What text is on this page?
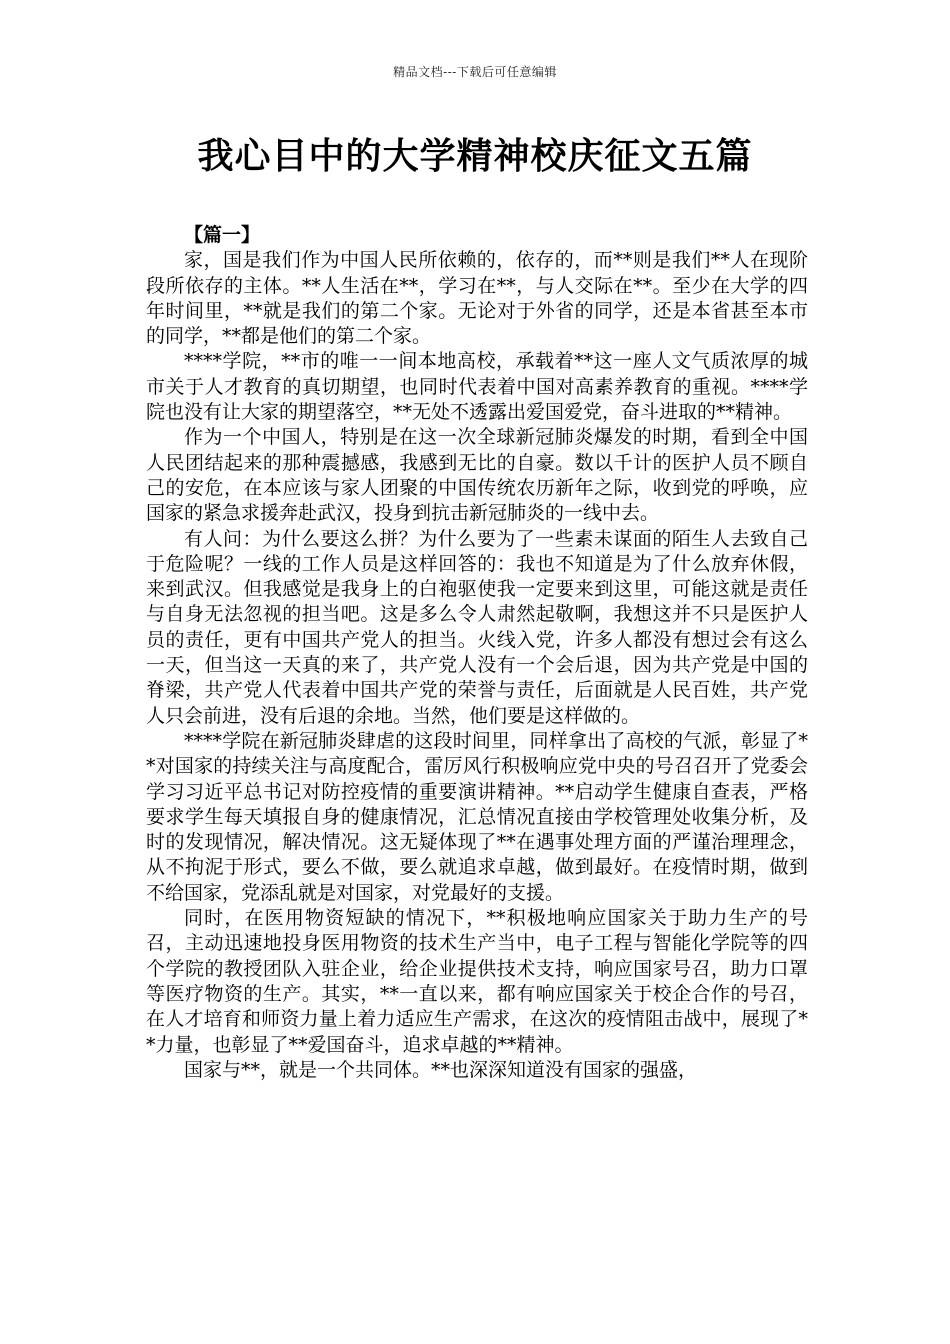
精品文档---下载后可任意编辑
我心目中的大学精神校庆征文五篇

【篇一】

家，国是我们作为中国人民所依赖的，依存的，而**则是我们**人在现阶段所依存的主体。**人生活在**，学习在**，与人交际在**。至少在大学的四年时间里，**就是我们的第二个家。无论对于外省的同学，还是本省甚至本市的同学，**都是他们的第二个家。

****学院，**市的唯一一间本地高校，承载着**这一座人文气质浓厚的城市关于人才教育的真切期望，也同时代表着中国对高素养教育的重视。****学院也没有让大家的期望落空，**无处不透露出爱国爱党，奋斗进取的**精神。

作为一个中国人，特别是在这一次全球新冠肺炎爆发的时期，看到全中国人民团结起来的那种震撼感，我感到无比的自豪。数以千计的医护人员不顾自己的安危，在本应该与家人团聚的中国传统农历新年之际，收到党的呼唤，应国家的紧急求援奔赴武汉，投身到抗击新冠肺炎的一线中去。

有人问：为什么要这么拼？为什么要为了一些素未谋面的陌生人去致自己于危险呢？一线的工作人员是这样回答的：我也不知道是为了什么放弃休假，来到武汉。但我感觉是我身上的白袍驱使我一定要来到这里，可能这就是责任与自身无法忽视的担当吧。这是多么令人肃然起敬啊，我想这并不只是医护人员的责任，更有中国共产党人的担当。火线入党，许多人都没有想过会有这么一天，但当这一天真的来了，共产党人没有一个会后退，因为共产党是中国的脊梁，共产党人代表着中国共产党的荣誉与责任，后面就是人民百姓，共产党人只会前进，没有后退的余地。当然，他们要是这样做的。

****学院在新冠肺炎肆虐的这段时间里，同样拿出了高校的气派，彰显了**对国家的持续关注与高度配合，雷厉风行积极响应党中央的号召召开了党委会学习习近平总书记对防控疫情的重要演讲精神。**启动学生健康自查表，严格要求学生每天填报自身的健康情况，汇总情况直接由学校管理处收集分析，及时的发现情况，解决情况。这无疑体现了**在遇事处理方面的严谨治理理念，从不拘泥于形式，要么不做，要么就追求卓越，做到最好。在疫情时期，做到不给国家，党添乱就是对国家，对党最好的支援。

同时，在医用物资短缺的情况下，**积极地响应国家关于助力生产的号召，主动迅速地投身医用物资的技术生产当中，电子工程与智能化学院等的四个学院的教授团队入驻企业，给企业提供技术支持，响应国家号召，助力口罩等医疗物资的生产。其实，**一直以来，都有响应国家关于校企合作的号召，在人才培育和师资力量上着力适应生产需求，在这次的疫情阻击战中，展现了**力量，也彰显了**爱国奋斗，追求卓越的**精神。

国家与**，就是一个共同体。**也深深知道没有国家的强盛，
